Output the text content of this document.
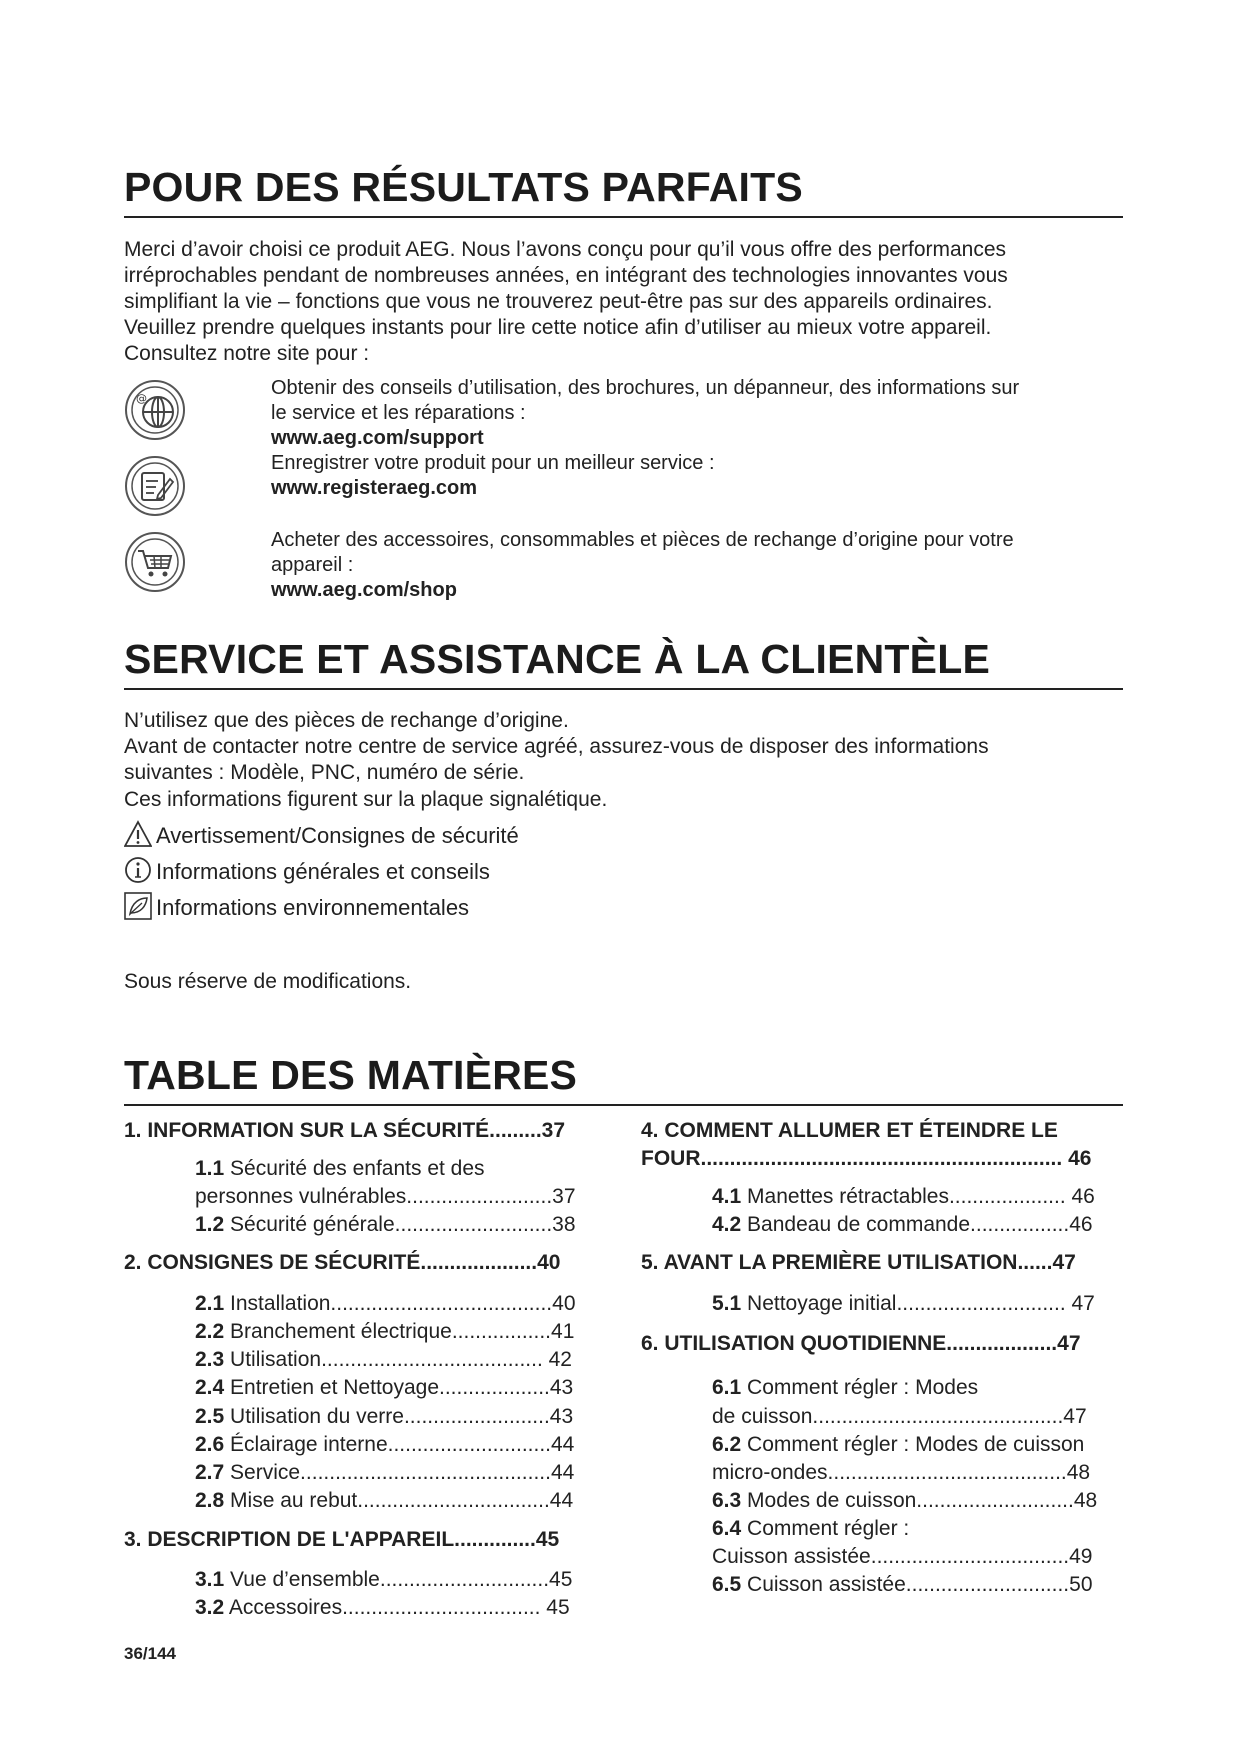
POUR DES RÉSULTATS PARFAITS
Merci d’avoir choisi ce produit AEG. Nous l’avons conçu pour qu’il vous offre des performances
irréprochables pendant de nombreuses années, en intégrant des technologies innovantes vous
simplifiant la vie – fonctions que vous ne trouverez peut-être pas sur des appareils ordinaires.
Veuillez prendre quelques instants pour lire cette notice afin d’utiliser au mieux votre appareil.
Consultez notre site pour :
@	Obtenir des conseils d’utilisation, des brochures, un dépanneur, des informations sur
le service et les réparations :
www.aeg.com/support
Enregistrer votre produit pour un meilleur service :
www.registeraeg.com
Acheter des accessoires, consommables et pièces de rechange d’origine pour votre
appareil :
www.aeg.com/shop
SERVICE ET ASSISTANCE À LA CLIENTÈLE
N’utilisez que des pièces de rechange d’origine.
Avant de contacter notre centre de service agréé, assurez-vous de disposer des informations
suivantes : Modèle, PNC, numéro de série.
Ces informations figurent sur la plaque signalétique.
Avertissement/Consignes de sécurité
Informations générales et conseils
Informations environnementales
Sous réserve de modifications.
TABLE DES MATIÈRES
1. INFORMATION SUR LA SÉCURITÉ.........37
1.1 Sécurité des enfants et des
personnes vulnérables.........................37
1.2 Sécurité générale...........................38
2. CONSIGNES DE SÉCURITÉ....................40
2.1 Installation......................................40
2.2 Branchement électrique.................41
2.3 Utilisation...................................... 42
2.4 Entretien et Nettoyage...................43
2.5 Utilisation du verre.........................43
2.6 Éclairage interne............................44
2.7 Service...........................................44
2.8 Mise au rebut.................................44
3. DESCRIPTION DE L'APPAREIL..............45
3.1 Vue d’ensemble.............................45
3.2 Accessoires.................................. 45
4. COMMENT ALLUMER ET ÉTEINDRE LE
FOUR.............................................................. 46
4.1 Manettes rétractables.................... 46
4.2 Bandeau de commande.................46
5. AVANT LA PREMIÈRE UTILISATION......47
5.1 Nettoyage initial............................. 47
6. UTILISATION QUOTIDIENNE...................47
6.1 Comment régler : Modes
de cuisson...........................................47
6.2 Comment régler : Modes de cuisson
micro-ondes.........................................48
6.3 Modes de cuisson...........................48
6.4 Comment régler :
Cuisson assistée..................................49
6.5 Cuisson assistée............................50
36/144
